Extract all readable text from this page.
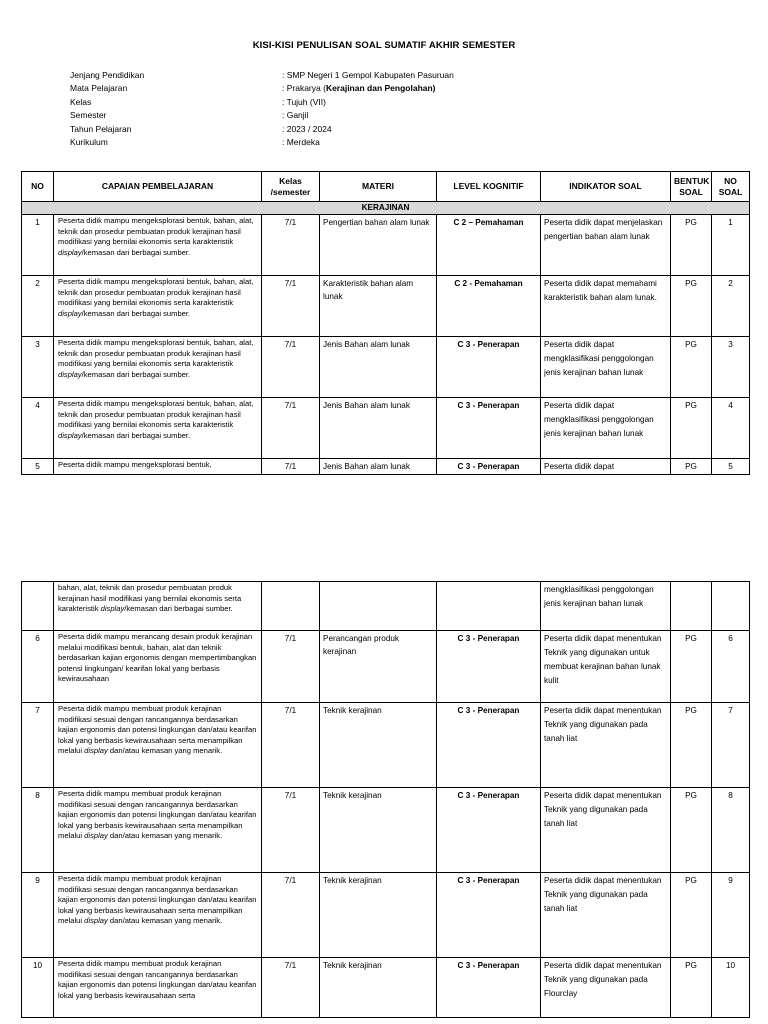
KISI-KISI PENULISAN SOAL SUMATIF AKHIR SEMESTER
Jenjang Pendidikan	: SMP Negeri 1 Gempol Kabupaten Pasuruan
Mata Pelajaran	: Prakarya (Kerajinan dan Pengolahan)
Kelas	: Tujuh (VII)
Semester	: Ganjil
Tahun Pelajaran	: 2023 / 2024
Kurikulum	: Merdeka
NO	CAPAIAN PEMBELAJARAN	Kelas /semester	MATERI	LEVEL KOGNITIF	INDIKATOR SOAL	BENTUK SOAL	NO SOAL
KERAJINAN							
1	Peserta didik mampu mengeksplorasi bentuk, bahan, alat, teknik dan prosedur pembuatan produk kerajinan hasil modifikasi yang bernilai ekonomis serta karakteristik display/kemasan dari berbagai sumber.	7/1	Pengertian bahan alam lunak	C 2 – Pemahaman	Peserta didik dapat menjelaskan pengertian bahan alam lunak	PG	1
2	Peserta didik mampu mengeksplorasi bentuk, bahan, alat, teknik dan prosedur pembuatan produk kerajinan hasil modifikasi yang bernilai ekonomis serta karakteristik display/kemasan dari berbagai sumber.	7/1	Karakteristik bahan alam lunak	C 2 - Pemahaman	Peserta didik dapat memahami karakteristik bahan alam lunak.	PG	2
3	Peserta didik mampu mengeksplorasi bentuk, bahan, alat, teknik dan prosedur pembuatan produk kerajinan hasil modifikasi yang bernilai ekonomis serta karakteristik display/kemasan dari berbagai sumber.	7/1	Jenis Bahan alam lunak	C 3 - Penerapan	Peserta didik dapat mengklasifikasi penggolongan jenis kerajinan bahan lunak	PG	3
4	Peserta didik mampu mengeksplorasi bentuk, bahan, alat, teknik dan prosedur pembuatan produk kerajinan hasil modifikasi yang bernilai ekonomis serta karakteristik display/kemasan dari berbagai sumber.	7/1	Jenis Bahan alam lunak	C 3 - Penerapan	Peserta didik dapat mengklasifikasi penggolongan jenis kerajinan bahan lunak	PG	4
5	Peserta didik mampu mengeksplorasi bentuk,	7/1	Jenis Bahan alam lunak	C 3 - Penerapan	Peserta didik dapat	PG	5
	bahan, alat, teknik dan prosedur pembuatan produk kerajinan hasil modifikasi yang bernilai ekonomis serta karakteristik display/kemasan dari berbagai sumber.				mengklasifikasi penggolongan jenis kerajinan bahan lunak		
6	Peserta didik mampu merancang desain produk kerajinan melalui modifikasi bentuk, bahan, alat dan teknik berdasarkan kajian ergonomis dengan mempertimbangkan potensi lingkungan/ kearifan lokal yang berbasis kewirausahaan	7/1	Perancangan produk kerajinan	C 3 - Penerapan	Peserta didik dapat menentukan Teknik yang digunakan untuk membuat kerajinan bahan lunak kulit	PG	6
7	Peserta didik mampu membuat produk kerajinan modifikasi sesuai dengan rancangannya berdasarkan kajian ergonomis dan potensi lingkungan dan/atau kearifan lokal yang berbasis kewirausahaan serta menampilkan melalui display dan/atau kemasan yang menarik.	7/1	Teknik kerajinan	C 3 - Penerapan	Peserta didik dapat menentukan Teknik yang digunakan pada tanah liat	PG	7
8	Peserta didik mampu membuat produk kerajinan modifikasi sesuai dengan rancangannya berdasarkan kajian ergonomis dan potensi lingkungan dan/atau kearifan lokal yang berbasis kewirausahaan serta menampilkan melalui display dan/atau kemasan yang menarik.	7/1	Teknik kerajinan	C 3 - Penerapan	Peserta didik dapat menentukan Teknik yang digunakan pada tanah liat	PG	8
9	Peserta didik mampu membuat produk kerajinan modifikasi sesuai dengan rancangannya berdasarkan kajian ergonomis dan potensi lingkungan dan/atau kearifan lokal yang berbasis kewirausahaan serta menampilkan melalui display dan/atau kemasan yang menarik.	7/1	Teknik kerajinan	C 3 - Penerapan	Peserta didik dapat menentukan Teknik yang digunakan pada tanah liat	PG	9
10	Peserta didik mampu membuat produk kerajinan modifikasi sesuai dengan rancangannya berdasarkan kajian ergonomis dan potensi lingkungan dan/atau kearifan lokal yang berbasis kewirausahaan serta	7/1	Teknik kerajinan	C 3 - Penerapan	Peserta didik dapat menentukan Teknik yang digunakan pada Flourclay	PG	10
